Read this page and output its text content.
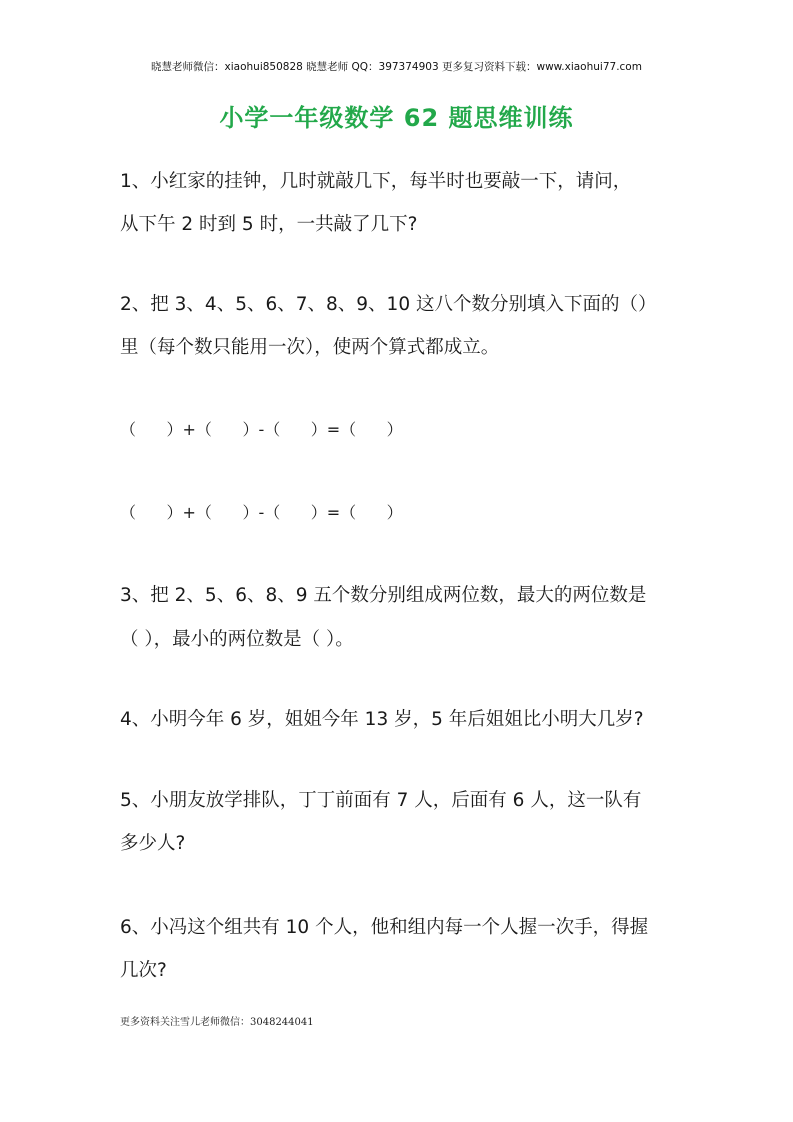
晓慧老师微信：xiaohui850828 晓慧老师 QQ：397374903 更多复习资料下载：www.xiaohui77.com
小学一年级数学 62 题思维训练
1、小红家的挂钟，几时就敲几下，每半时也要敲一下，请问，
从下午 2 时到 5 时，一共敲了几下?
2、把 3、4、5、6、7、8、9、10 这八个数分别填入下面的（）
里（每个数只能用一次），使两个算式都成立。
（      ）+（      ）-（      ）=（      ）
（      ）+（      ）-（      ）=（      ）
3、把 2、5、6、8、9 五个数分别组成两位数，最大的两位数是
（ ），最小的两位数是（ ）。
4、小明今年 6 岁，姐姐今年 13 岁，5 年后姐姐比小明大几岁?
5、小朋友放学排队，丁丁前面有 7 人，后面有 6 人，这一队有
多少人?
6、小冯这个组共有 10 个人，他和组内每一个人握一次手，得握
几次?
更多资料关注雪儿老师微信：3048244041
